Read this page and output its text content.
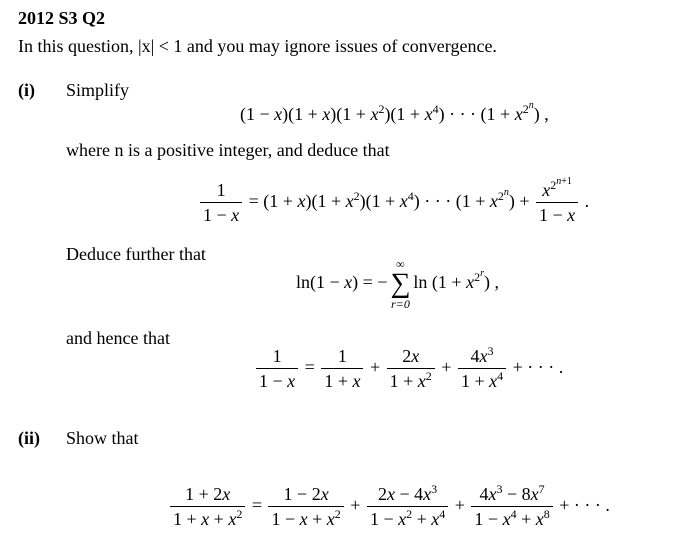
2012 S3 Q2
In this question, |x| < 1 and you may ignore issues of convergence.
(i) Simplify
$(1 - x)(1 + x)(1 + x^2)(1 + x^4)$ · · · $(1 + x^{2^n})$ ,
where n is a positive integer, and deduce that
$\frac{1}{1 - x} = (1 + x)(1 + x^2)(1 + x^4)$ · · · $(1 + x^{2^n}) + \frac{x^{2^{n+1}}}{1 - x}$ .
Deduce further that
ln(1 − x) = −
∞
∑
r=0
$\ln (1 + x^{2^r})$ ,
and hence that
$\frac{1}{1 - x} = \frac{1}{1 + x} + \frac{2x}{1 + x^2} + \frac{4x^3}{1 + x^4}$ + · · · .
(ii) Show that
$\frac{1 + 2x}{1 + x + x^2} = \frac{1 - 2x}{1 - x + x^2} + \frac{2x - 4x^3}{1 - x^2 + x^4} + \frac{4x^3 - 8x^7}{1 - x^4 + x^8}$ + · · · .
